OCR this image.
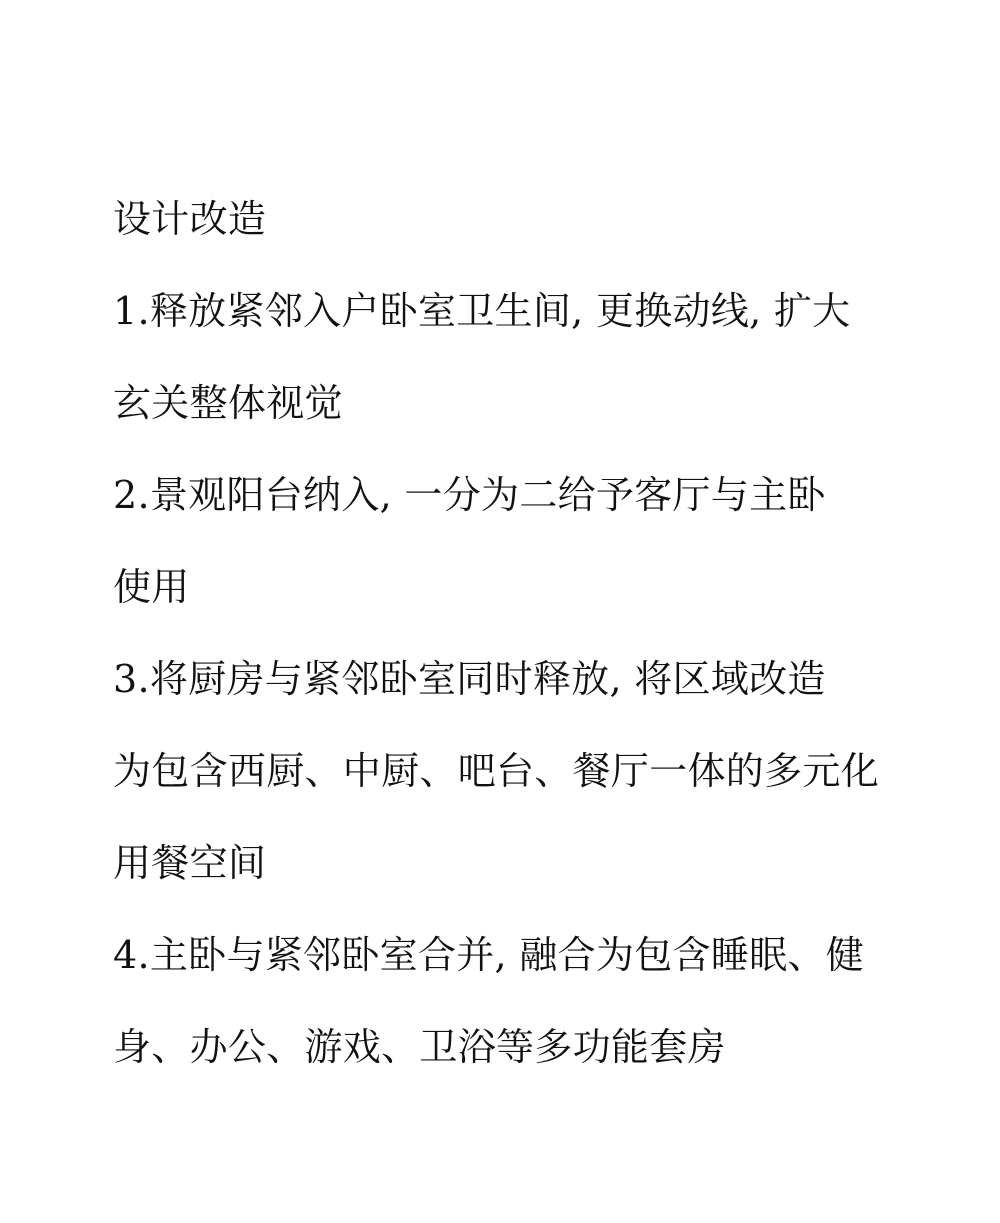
设计改造
1.释放紧邻入户卧室卫生间, 更换动线, 扩大
玄关整体视觉
2.景观阳台纳入, 一分为二给予客厅与主卧
使用
3.将厨房与紧邻卧室同时释放, 将区域改造
为包含西厨、中厨、吧台、餐厅一体的多元化
用餐空间
4.主卧与紧邻卧室合并, 融合为包含睡眠、健
身、办公、游戏、卫浴等多功能套房
